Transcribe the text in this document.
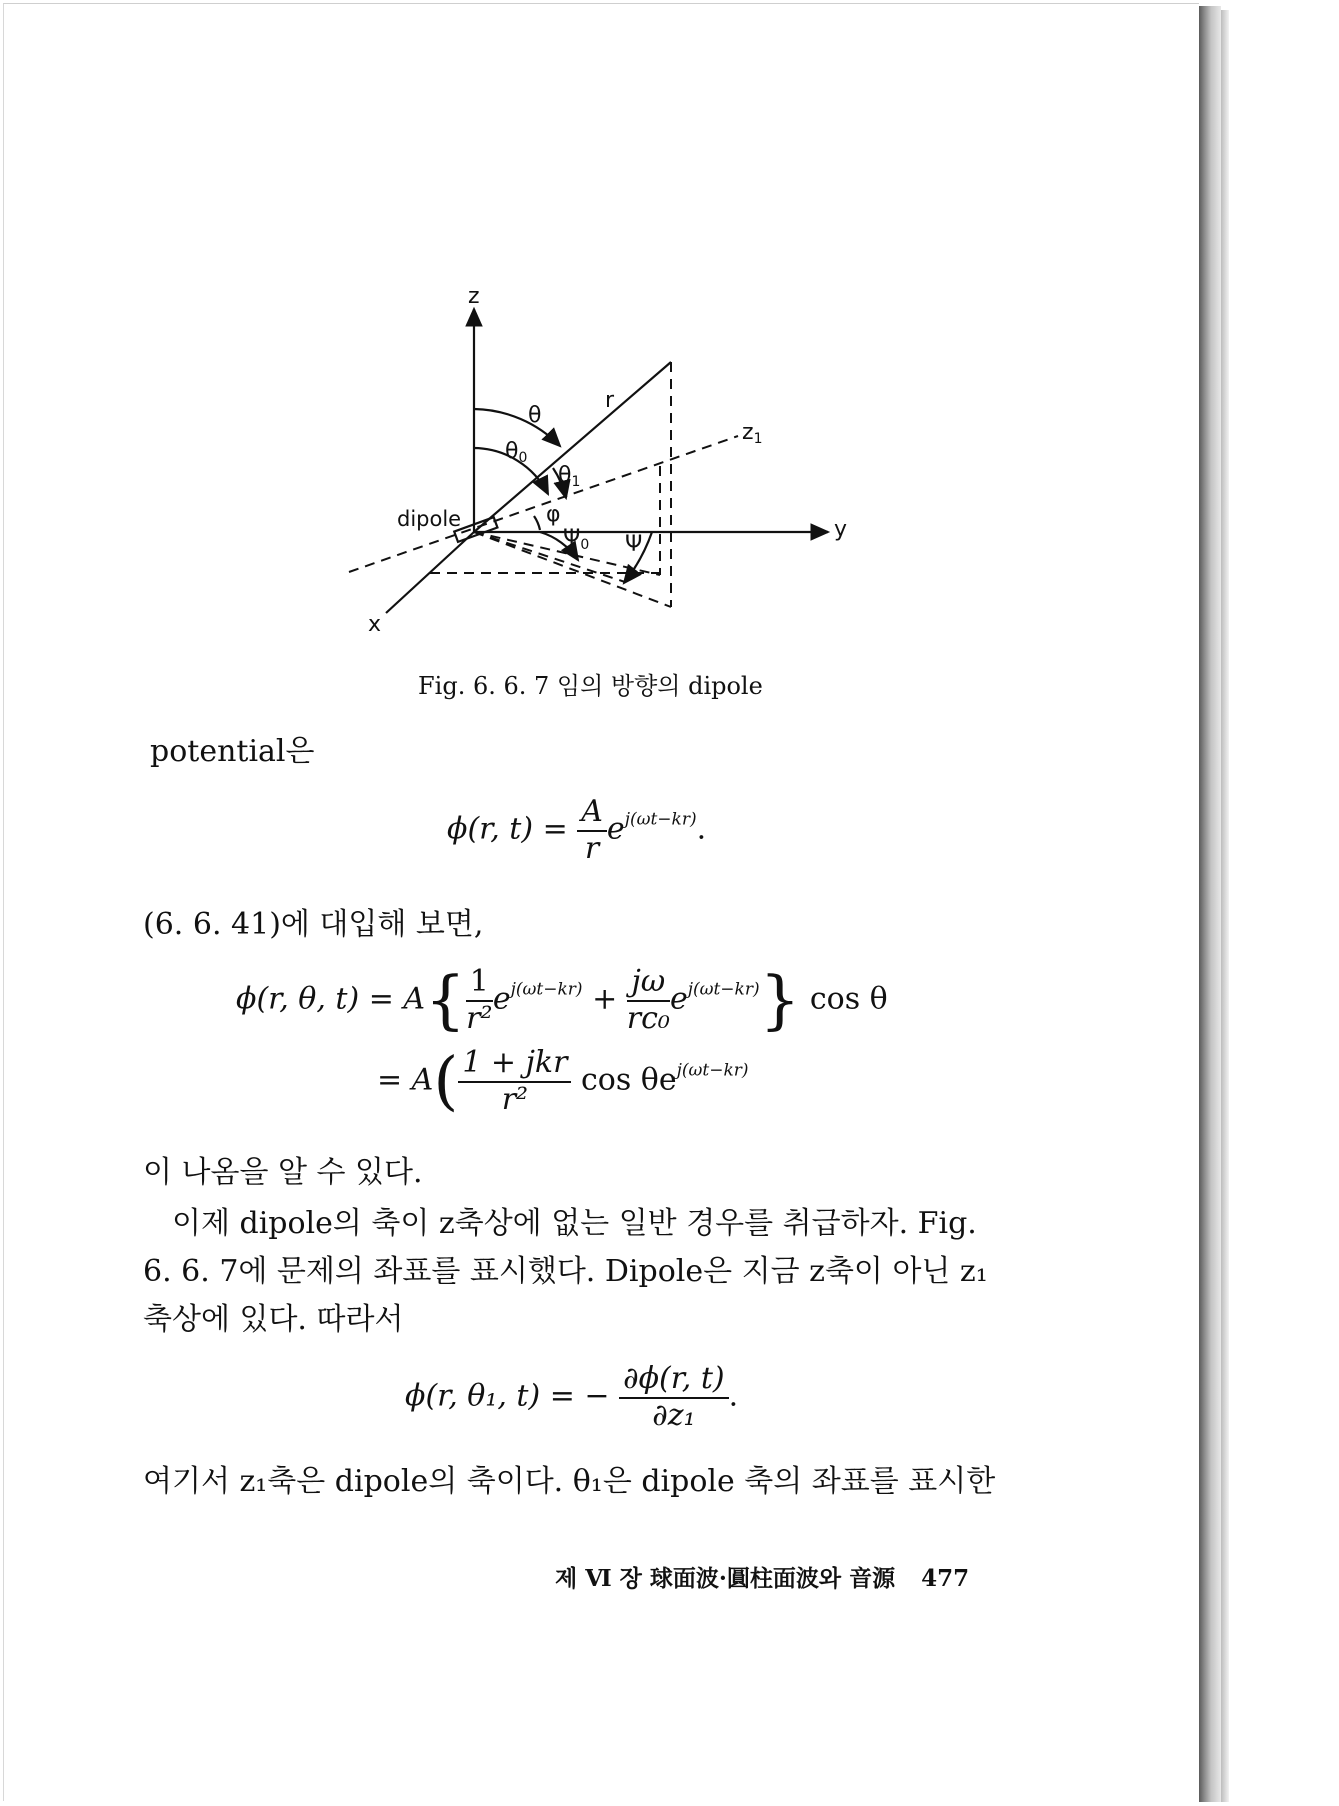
z
y
x
$z_1$
r
θ
$\theta_0$
$\theta_1$
φ
$\Psi_0$ Ψ
dipole
Fig. 6. 6. 7 임의 방향의 dipole
potential은
ϕ(r, $t) = \frac{A}{r} e^{j(\omega t-kr)}$.
(6. 6. 41)에 대입해 보면,
ϕ(r, θ, $t) = A\{ \frac{1}{\text{r²}} e^{j(\omega t-kr)} + \frac{j\omega}{\text{rc₀}} e^{j(\omega t-kr)}\}$ cos θ
= $A( \frac{\text{1 + jkr}}{\text{r²}}$ $\cos \theta e^{j(\omega t-kr)}$
이 나옴을 알 수 있다.
이제 dipole의 축이 z축상에 없는 일반 경우를 취급하자. Fig.
6. 6. 7에 문제의 좌표를 표시했다. Dipole은 지금 z축이 아닌 z₁
축상에 있다. 따라서
ϕ(r, θ₁, t) = − $\frac{\partial\phi(r, t)}{\text{∂z₁}}$ .
여기서 z₁축은 dipole의 축이다. θ₁은 dipole 축의 좌표를 표시한
제 Ⅵ 장 球面波·圓柱面波와 音源 477
